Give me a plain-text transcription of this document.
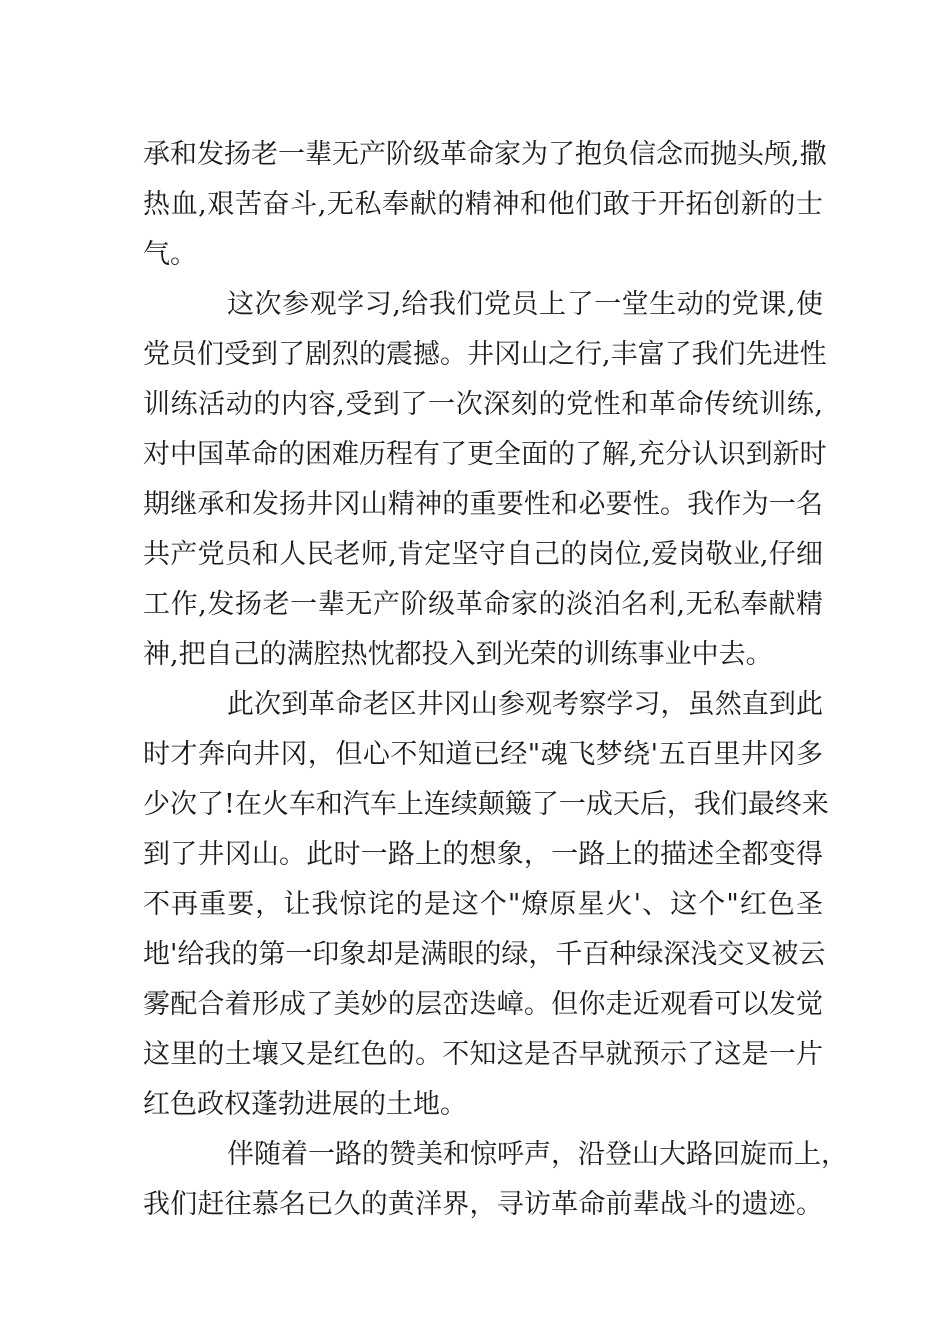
承和发扬老一辈无产阶级革命家为了抱负信念而抛头颅,撒
热血,艰苦奋斗,无私奉献的精神和他们敢于开拓创新的士
气。
这次参观学习,给我们党员上了一堂生动的党课,使
党员们受到了剧烈的震撼。井冈山之行,丰富了我们先进性
训练活动的内容,受到了一次深刻的党性和革命传统训练,
对中国革命的困难历程有了更全面的了解,充分认识到新时
期继承和发扬井冈山精神的重要性和必要性。我作为一名
共产党员和人民老师,肯定坚守自己的岗位,爱岗敬业,仔细
工作,发扬老一辈无产阶级革命家的淡泊名利,无私奉献精
神,把自己的满腔热忱都投入到光荣的训练事业中去。
此次到革命老区井冈山参观考察学习，虽然直到此
时才奔向井冈，但心不知道已经"魂飞梦绕'五百里井冈多
少次了!在火车和汽车上连续颠簸了一成天后，我们最终来
到了井冈山。此时一路上的想象，一路上的描述全都变得
不再重要，让我惊诧的是这个"燎原星火'、这个"红色圣
地'给我的第一印象却是满眼的绿，千百种绿深浅交叉被云
雾配合着形成了美妙的层峦迭嶂。但你走近观看可以发觉
这里的土壤又是红色的。不知这是否早就预示了这是一片
红色政权蓬勃进展的土地。
伴随着一路的赞美和惊呼声，沿登山大路回旋而上，
我们赶往慕名已久的黄洋界，寻访革命前辈战斗的遗迹。
